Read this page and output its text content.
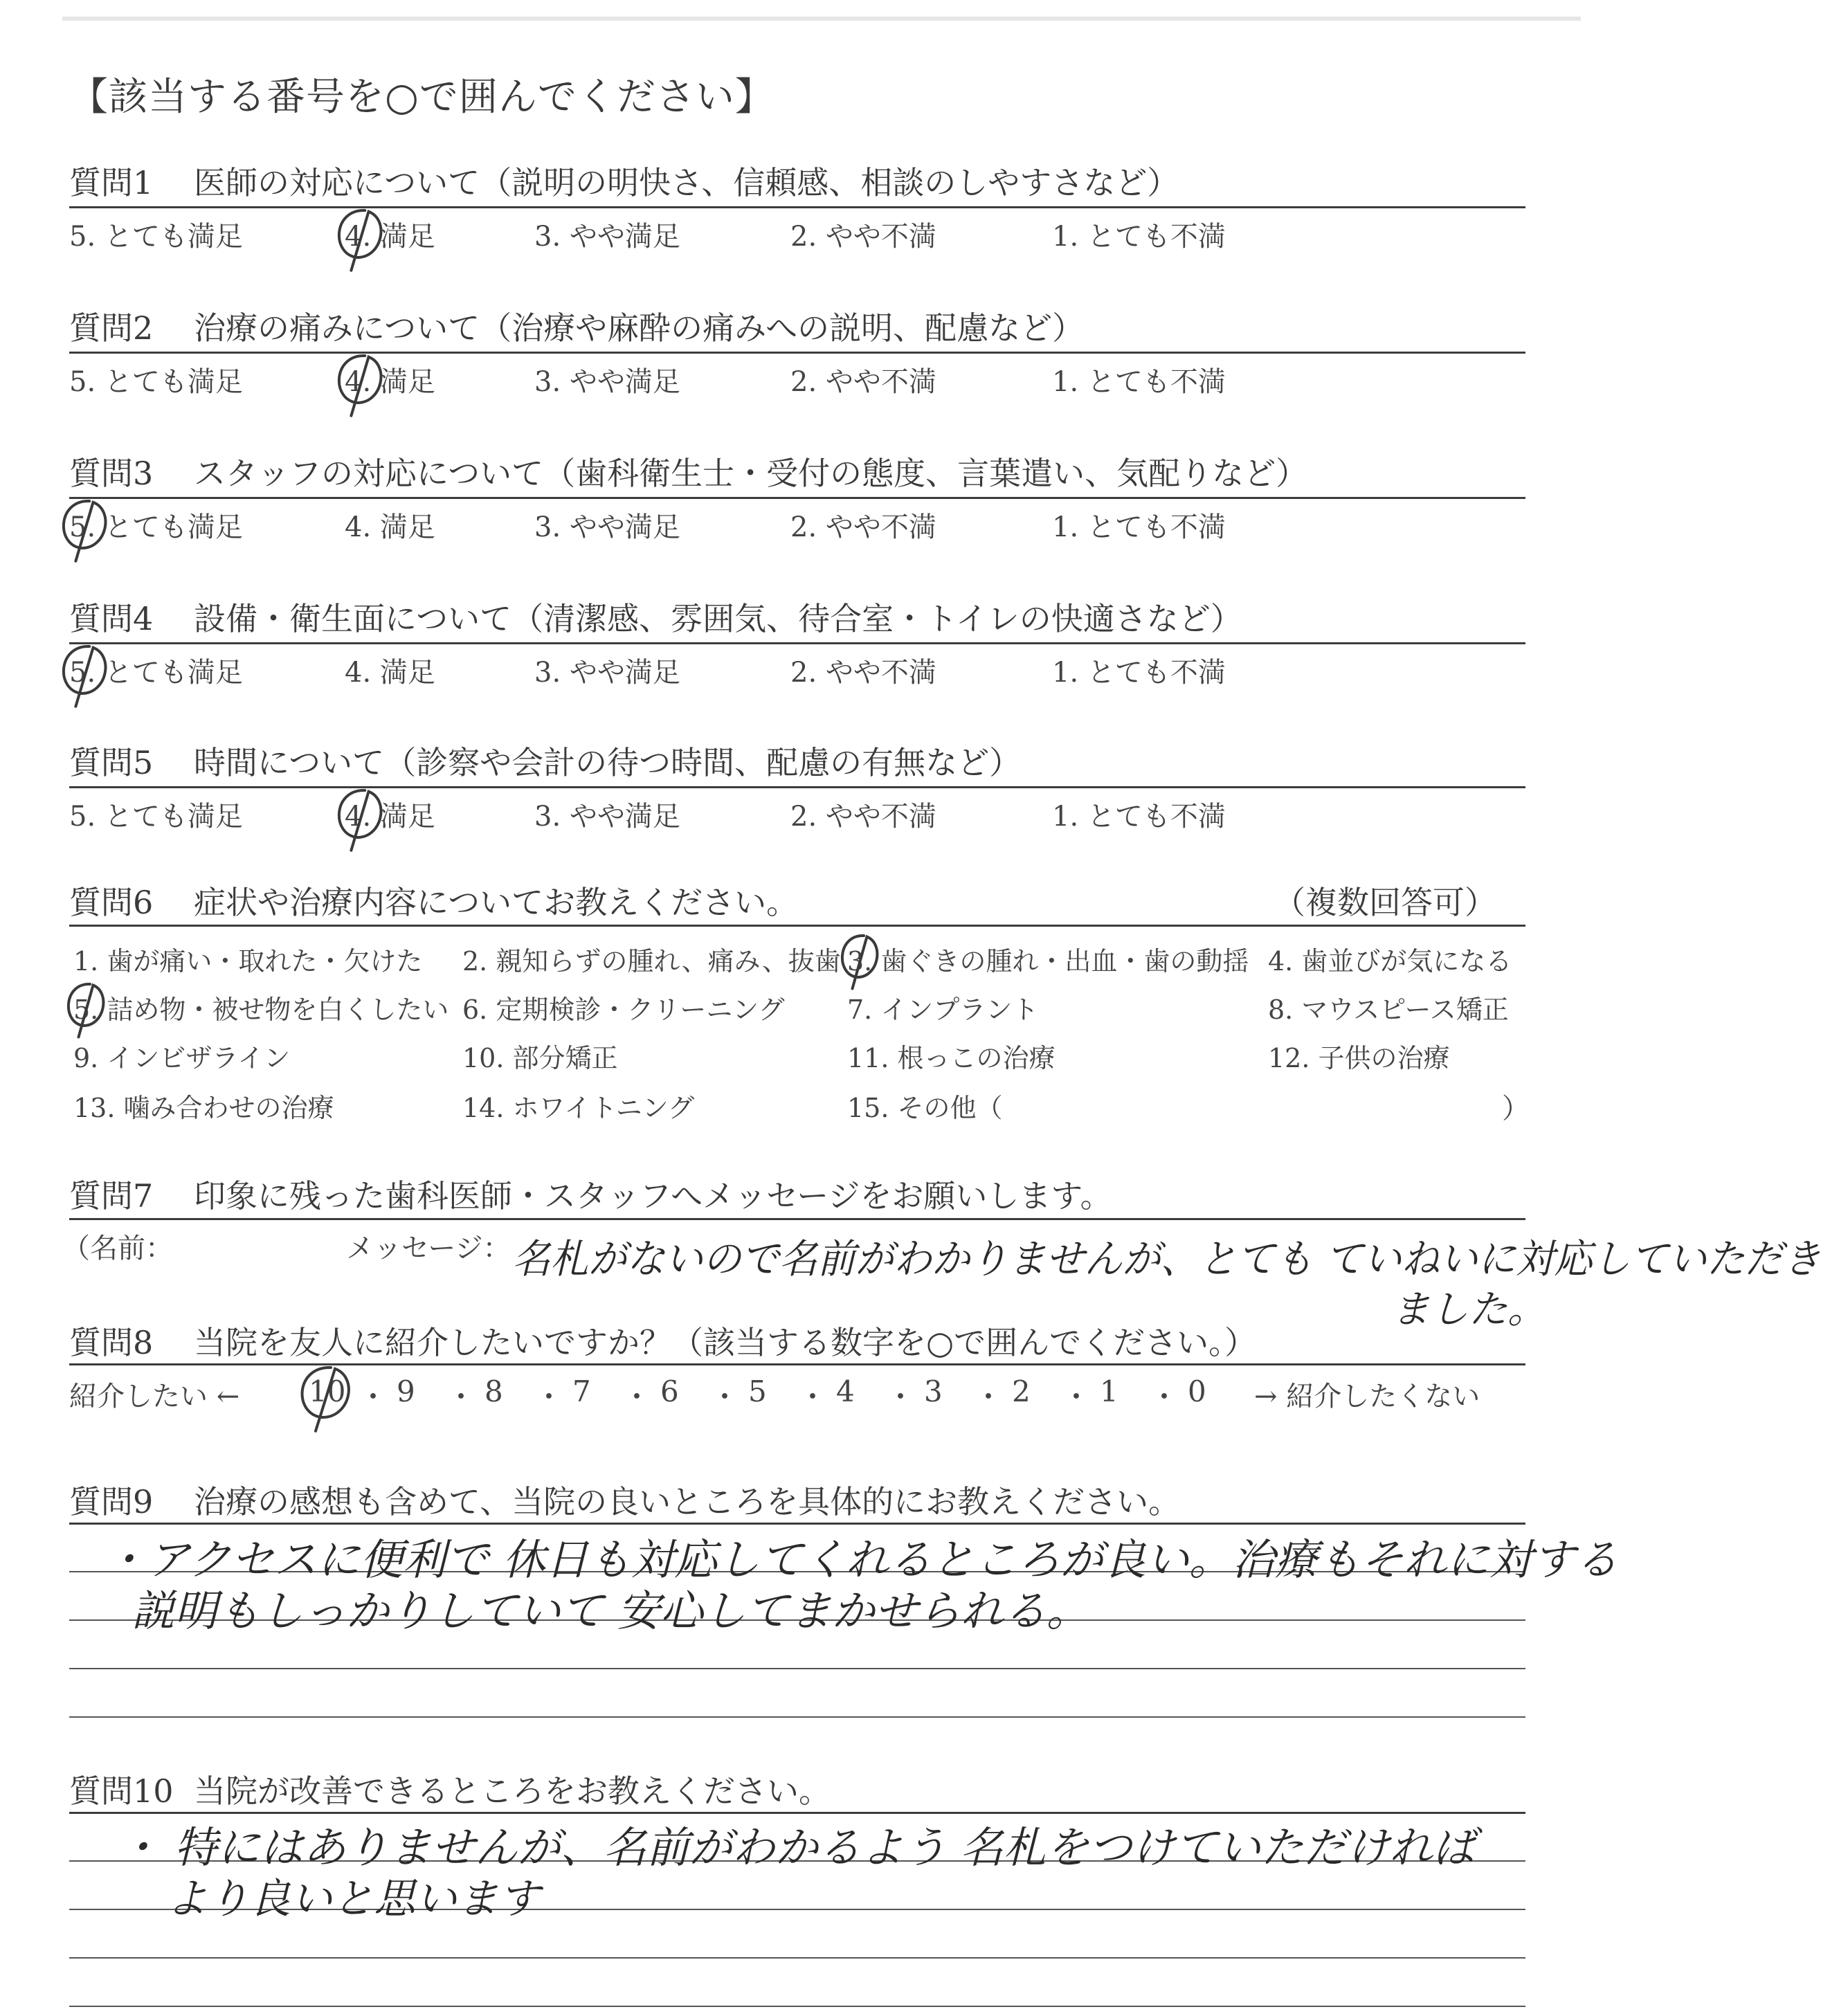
【該当する番号を○で囲んでください】
質問1 医師の対応について（説明の明快さ、信頼感、相談のしやすさなど）
5. とても満足	4. 満足	3. やや満足	2. やや不満	1. とても不満
質問2 治療の痛みについて（治療や麻酔の痛みへの説明、配慮など）
5. とても満足	4. 満足	3. やや満足	2. やや不満	1. とても不満
質問3 スタッフの対応について（歯科衛生士・受付の態度、言葉遣い、気配りなど）
5. とても満足	4. 満足	3. やや満足	2. やや不満	1. とても不満
質問4 設備・衛生面について（清潔感、雰囲気、待合室・トイレの快適さなど）
5. とても満足	4. 満足	3. やや満足	2. やや不満	1. とても不満
質問5 時間について（診察や会計の待つ時間、配慮の有無など）
5. とても満足	4. 満足	3. やや満足	2. やや不満	1. とても不満
質問6 症状や治療内容についてお教えください。	（複数回答可）
1. 歯が痛い・取れた・欠けた 2. 親知らずの腫れ、痛み、抜歯 3. 歯ぐきの腫れ・出血・歯の動揺 4. 歯並びが気になる
5. 詰め物・被せ物を白くしたい 6. 定期検診・クリーニング 7. インプラント	8. マウスピース矯正
9. インビザライン	10. 部分矯正	11. 根っこの治療	12. 子供の治療
13. 噛み合わせの治療	14. ホワイトニング	15. その他（	）
質問7 印象に残った歯科医師・スタッフへメッセージをお願いします。
（名前：	メッセージ： 名札がないので名前がわかりませんが、とても ていねいに対応していただき
ました。
質問8 当院を友人に紹介したいですか？（該当する数字を○で囲んでください。）
紹介したい ←	→ 紹介したくない
10 ・ 9 ・ 8 ・ 7 ・ 6 ・ 5 ・ 4 ・ 3 ・ 2 ・ 1 ・ 0
質問9 治療の感想も含めて、当院の良いところを具体的にお教えください。
・アクセスに便利で 休日も対応してくれるところが良い。治療もそれに対する
説明もしっかりしていて 安心してまかせられる。
質問10 当院が改善できるところをお教えください。
・ 特にはありませんが、名前がわかるよう 名札をつけていただければ
より良いと思います
